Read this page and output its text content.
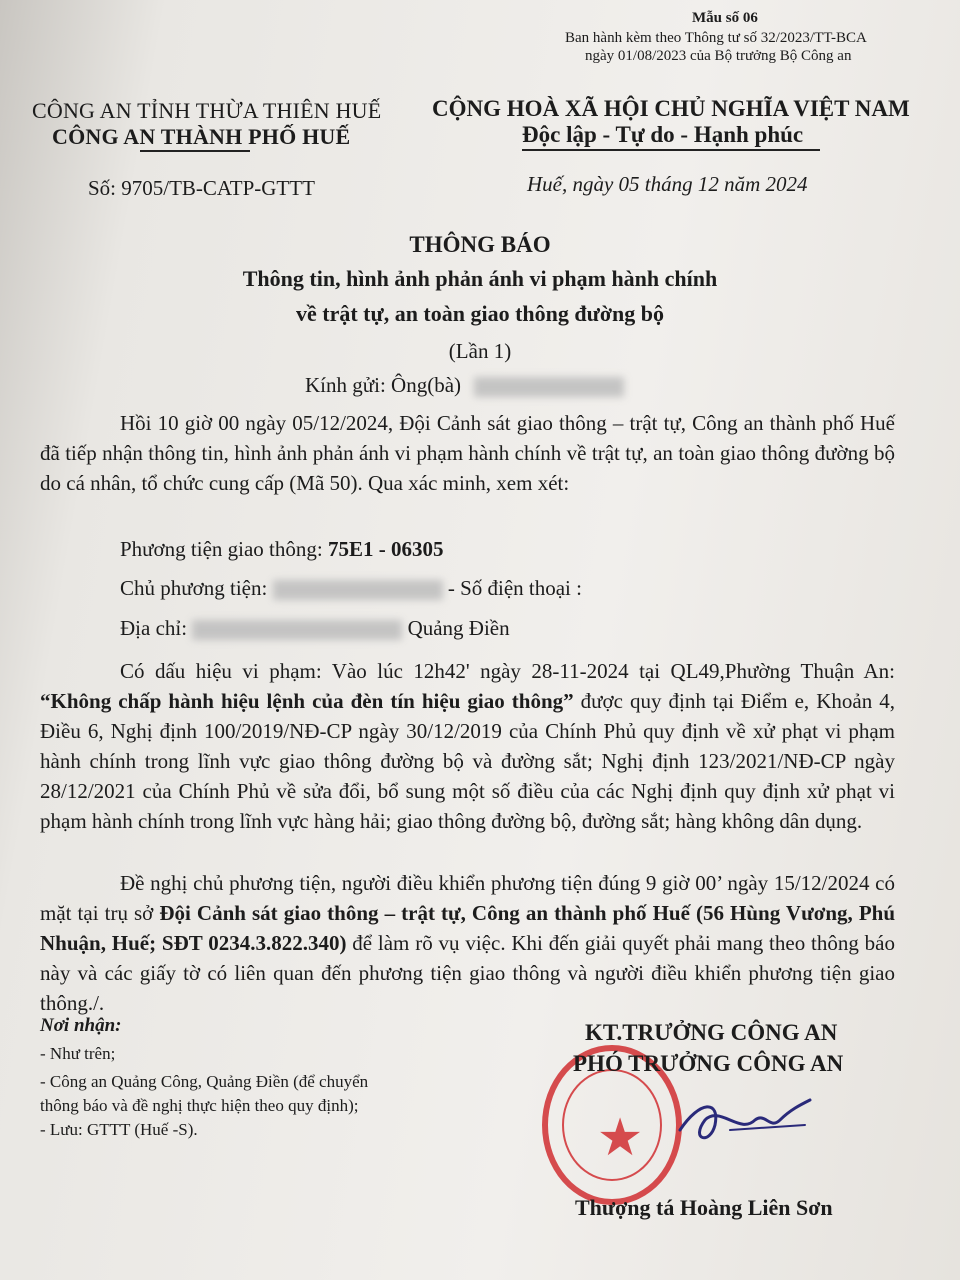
Mẫu số 06
Ban hành kèm theo Thông tư số 32/2023/TT-BCA
ngày 01/08/2023 của Bộ trưởng Bộ Công an
CÔNG AN TỈNH THỪA THIÊN HUẾ
CÔNG AN THÀNH PHỐ HUẾ
CỘNG HOÀ XÃ HỘI CHỦ NGHĨA VIỆT NAM
Độc lập - Tự do - Hạnh phúc
Số: 9705/TB-CATP-GTTT	Huế, ngày 05 tháng 12 năm 2024
THÔNG BÁO
Thông tin, hình ảnh phản ánh vi phạm hành chính
về trật tự, an toàn giao thông đường bộ
(Lần 1)
Kính gửi: Ông(bà)
Hồi 10 giờ 00 ngày 05/12/2024, Đội Cảnh sát giao thông – trật tự, Công an thành phố Huế đã tiếp nhận thông tin, hình ảnh phản ánh vi phạm hành chính về trật tự, an toàn giao thông đường bộ do cá nhân, tổ chức cung cấp (Mã 50). Qua xác minh, xem xét:
Phương tiện giao thông: 75E1 - 06305
Chủ phương tiện:	- Số điện thoại :
Địa chỉ:	Quảng Điền
Có dấu hiệu vi phạm: Vào lúc 12h42' ngày 28-11-2024 tại QL49,Phường Thuận An: “Không chấp hành hiệu lệnh của đèn tín hiệu giao thông” được quy định tại Điểm e, Khoản 4, Điều 6, Nghị định 100/2019/NĐ-CP ngày 30/12/2019 của Chính Phủ quy định về xử phạt vi phạm hành chính trong lĩnh vực giao thông đường bộ và đường sắt; Nghị định 123/2021/NĐ-CP ngày 28/12/2021 của Chính Phủ về sửa đổi, bổ sung một số điều của các Nghị định quy định xử phạt vi phạm hành chính trong lĩnh vực hàng hải; giao thông đường bộ, đường sắt; hàng không dân dụng.
Đề nghị chủ phương tiện, người điều khiển phương tiện đúng 9 giờ 00’ ngày 15/12/2024 có mặt tại trụ sở Đội Cảnh sát giao thông – trật tự, Công an thành phố Huế (56 Hùng Vương, Phú Nhuận, Huế; SĐT 0234.3.822.340) để làm rõ vụ việc. Khi đến giải quyết phải mang theo thông báo này và các giấy tờ có liên quan đến phương tiện giao thông và người điều khiển phương tiện giao thông./.
Nơi nhận:
- Như trên;
- Công an Quảng Công, Quảng Điền (để chuyển
thông báo và đề nghị thực hiện theo quy định);
- Lưu: GTTT (Huế -S).	★
KT.TRƯỞNG CÔNG AN
PHÓ TRƯỞNG CÔNG AN
Thượng tá Hoàng Liên Sơn
